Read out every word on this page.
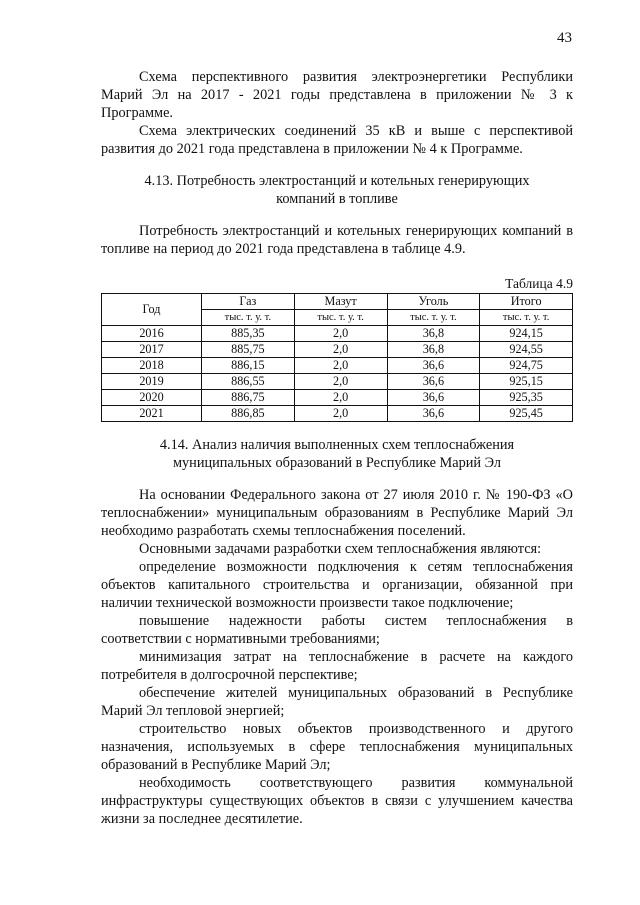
43

Схема перспективного развития электроэнергетики Республики Марий Эл на 2017 - 2021 годы представлена в приложении № 3 к Программе.

Схема электрических соединений 35 кВ и выше с перспективой развития до 2021 года представлена в приложении № 4 к Программе.

4.13. Потребность электростанций и котельных генерирующих
компаний в топливе

Потребность электростанций и котельных генерирующих компаний в топливе на период до 2021 года представлена в таблице 4.9.

Таблица 4.9
Год	Газ	Мазут	Уголь	Итого
	тыс. т. у. т.	тыс. т. у. т.	тыс. т. у. т.	тыс. т. у. т.
2016	885,35	2,0	36,8	924,15
2017	885,75	2,0	36,8	924,55
2018	886,15	2,0	36,6	924,75
2019	886,55	2,0	36,6	925,15
2020	886,75	2,0	36,6	925,35
2021	886,85	2,0	36,6	925,45
4.14. Анализ наличия выполненных схем теплоснабжения
муниципальных образований в Республике Марий Эл

На основании Федерального закона от 27 июля 2010 г. № 190-ФЗ «О теплоснабжении» муниципальным образованиям в Республике Марий Эл необходимо разработать схемы теплоснабжения поселений.

Основными задачами разработки схем теплоснабжения являются:

определение возможности подключения к сетям теплоснабжения объектов капитального строительства и организации, обязанной при наличии технической возможности произвести такое подключение;

повышение надежности работы систем теплоснабжения в соответствии с нормативными требованиями;

минимизация затрат на теплоснабжение в расчете на каждого потребителя в долгосрочной перспективе;

обеспечение жителей муниципальных образований в Республике Марий Эл тепловой энергией;

строительство новых объектов производственного и другого назначения, используемых в сфере теплоснабжения муниципальных образований в Республике Марий Эл;

необходимость соответствующего развития коммунальной инфраструктуры существующих объектов в связи с улучшением качества жизни за последнее десятилетие.
